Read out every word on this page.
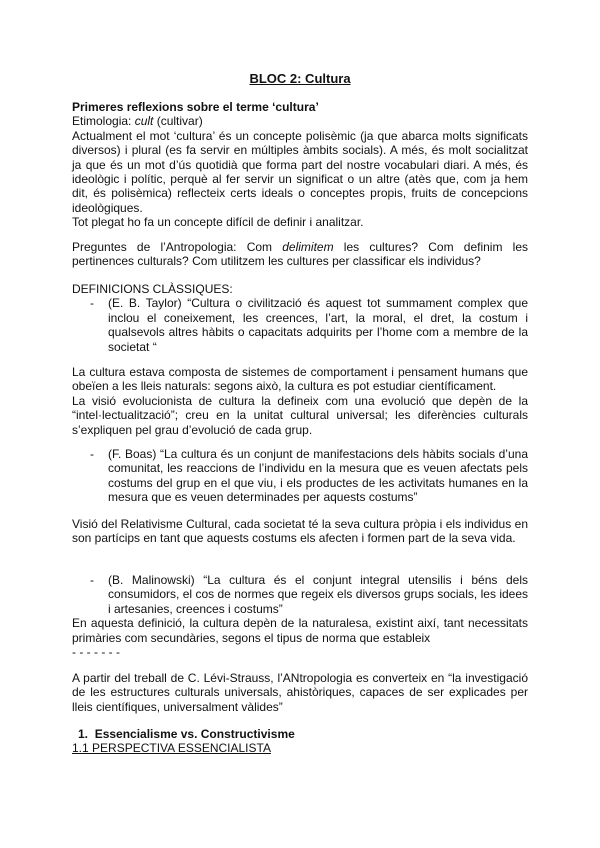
BLOC 2: Cultura

Primeres reflexions sobre el terme ‘cultura’

Etimologia: cult (cultivar)

Actualment el mot ‘cultura’ és un concepte polisèmic (ja que abarca molts significats diversos) i plural (es fa servir en múltiples àmbits socials). A més, és molt socialitzat ja que és un mot d’ús quotidià que forma part del nostre vocabulari diari. A més, és ideològic i polític, perquè al fer servir un significat o un altre (atès que, com ja hem dit, és polisèmica) reflecteix certs ideals o conceptes propis, fruits de concepcions ideològiques.

Tot plegat ho fa un concepte difícil de definir i analitzar.

Preguntes de l’Antropologia: Com delimitem les cultures? Com definim les pertinences culturals? Com utilitzem les cultures per classificar els individus?

DEFINICIONS CLÀSSIQUES:

- (E. B. Taylor) “Cultura o civilització és aquest tot summament complex que inclou el coneixement, les creences, l’art, la moral, el dret, la costum i qualsevols altres hàbits o capacitats adquirits per l’home com a membre de la societat “

La cultura estava composta de sistemes de comportament i pensament humans que obeïen a les lleis naturals: segons això, la cultura es pot estudiar científicament.

La visió evolucionista de cultura la defineix com una evolució que depèn de la “intel·lectualització”; creu en la unitat cultural universal; les diferències culturals s’expliquen pel grau d’evolució de cada grup.

- (F. Boas) “La cultura és un conjunt de manifestacions dels hàbits socials d’una comunitat, les reaccions de l’individu en la mesura que es veuen afectats pels costums del grup en el que viu, i els productes de les activitats humanes en la mesura que es veuen determinades per aquests costums”

Visió del Relativisme Cultural, cada societat té la seva cultura pròpia i els individus en son partícips en tant que aquests costums els afecten i formen part de la seva vida.

- (B. Malinowski) “La cultura és el conjunt integral utensilis i béns dels consumidors, el cos de normes que regeix els diversos grups socials, les idees i artesanies, creences i costums”

En aquesta definició, la cultura depèn de la naturalesa, existint així, tant necessitats primàries com secundàries, segons el tipus de norma que estableix

- - - - - - -

A partir del treball de C. Lévi-Strauss, l’ANtropologia es converteix en “la investigació de les estructures culturals universals, ahistòriques, capaces de ser explicades per lleis científiques, universalment vàlides”

1. Essencialisme vs. Constructivisme

1.1 PERSPECTIVA ESSENCIALISTA
